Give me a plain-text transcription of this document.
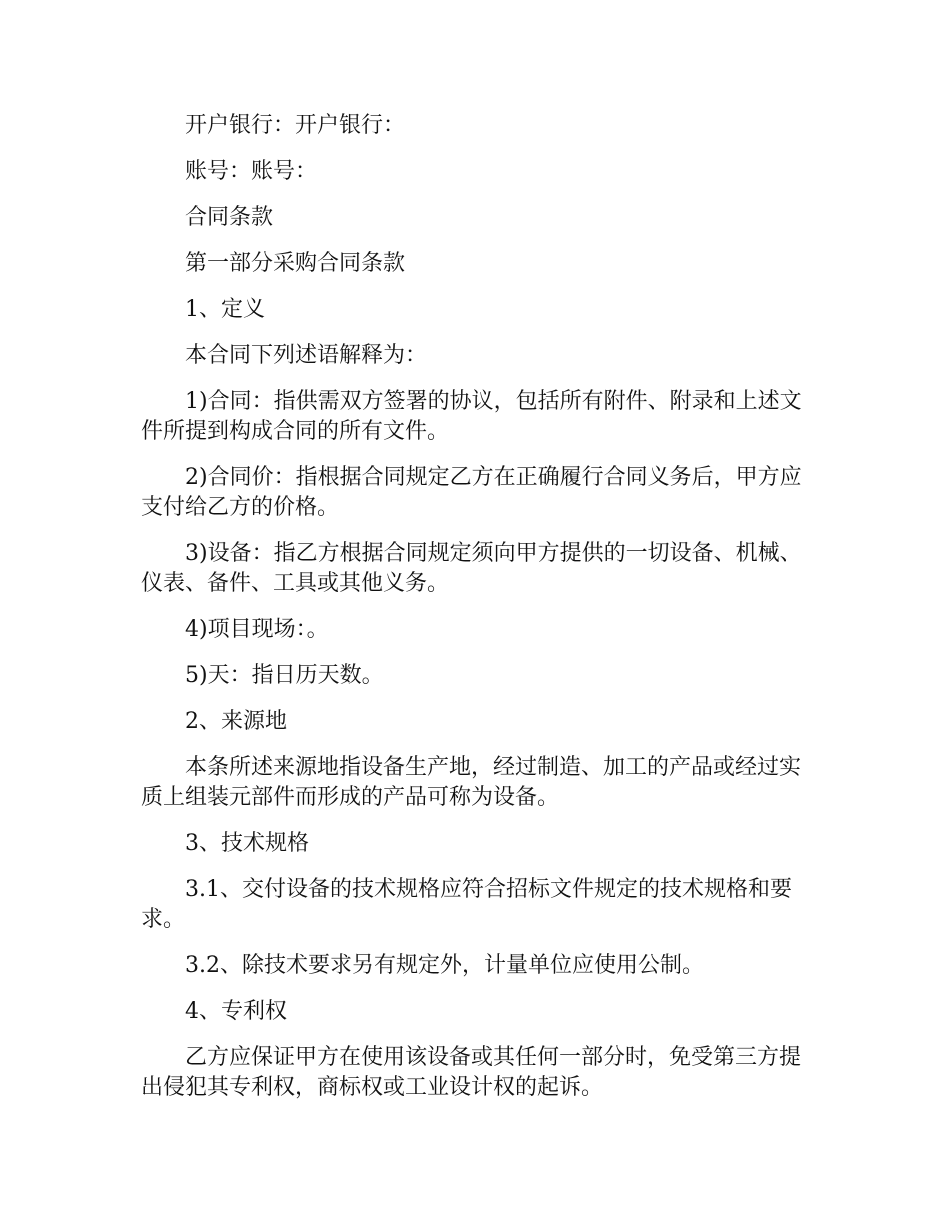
开户银行：开户银行：

账号：账号：

合同条款

第一部分采购合同条款

1、定义

本合同下列述语解释为：

1)合同：指供需双方签署的协议，包括所有附件、附录和上述文件所提到构成合同的所有文件。

2)合同价：指根据合同规定乙方在正确履行合同义务后，甲方应支付给乙方的价格。

3)设备：指乙方根据合同规定须向甲方提供的一切设备、机械、仪表、备件、工具或其他义务。

4)项目现场：。

5)天：指日历天数。

2、来源地

本条所述来源地指设备生产地，经过制造、加工的产品或经过实质上组装元部件而形成的产品可称为设备。

3、技术规格

3.1、交付设备的技术规格应符合招标文件规定的技术规格和要求。

3.2、除技术要求另有规定外，计量单位应使用公制。

4、专利权

乙方应保证甲方在使用该设备或其任何一部分时，免受第三方提出侵犯其专利权，商标权或工业设计权的起诉。
